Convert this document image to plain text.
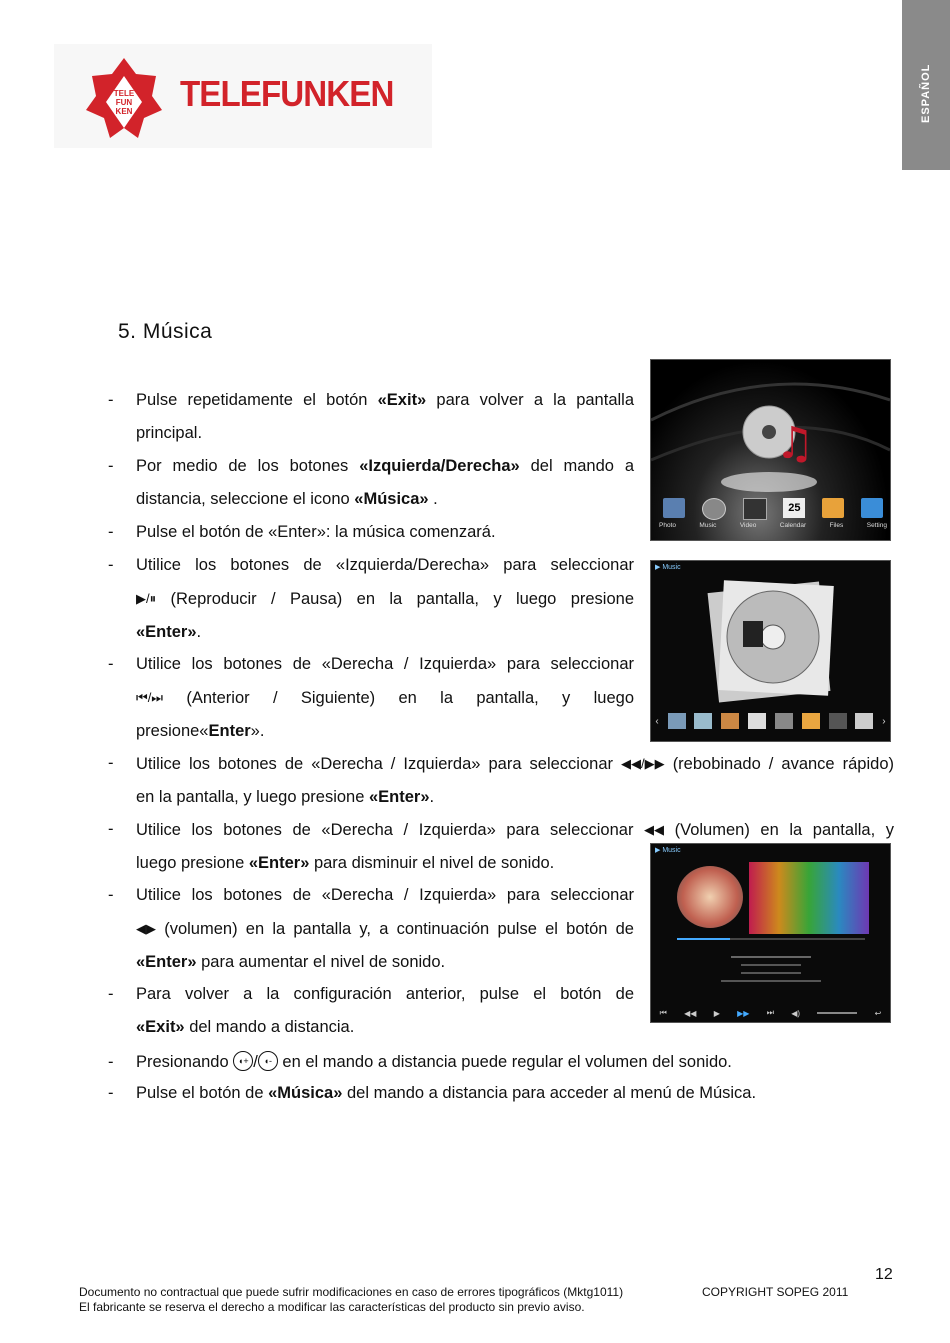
ESPAÑOL
TELE
FUN
KEN TELEFUNKEN
5. Música
- Pulse repetidamente el botón «Exit» para volver a la pantalla
principal.
- Por medio de los botones «Izquierda/Derecha» del mando a
distancia, seleccione el icono «Música» .
- Pulse el botón de «Enter»: la música comenzará.
- Utilice los botones de «Izquierda/Derecha» para seleccionar
▶/⏸ (Reproducir / Pausa) en la pantalla, y luego presione
«Enter».
- Utilice los botones de «Derecha / Izquierda» para seleccionar
⏮/⏭ (Anterior / Siguiente) en la pantalla, y luego
presione«Enter».
- Utilice los botones de «Derecha / Izquierda» para seleccionar ◀◀/▶▶ (rebobinado / avance rápido)
en la pantalla, y luego presione «Enter».
- Utilice los botones de «Derecha / Izquierda» para seleccionar ◀◀ (Volumen) en la pantalla, y
luego presione «Enter» para disminuir el nivel de sonido.
- Utilice los botones de «Derecha / Izquierda» para seleccionar
◀▶ (volumen) en la pantalla y, a continuación pulse el botón de
«Enter» para aumentar el nivel de sonido.
- Para volver a la configuración anterior, pulse el botón de
«Exit» del mando a distancia.
- Presionando ◖+ / ◖- en el mando a distancia puede regular el volumen del sonido.
- Pulse el botón de «Música» del mando a distancia para acceder al menú de Música.
♫
25
Photo	Music	Video	Calendar	Files	Setting
▶ Music
‹	›
▶ Music
⏮ ◀◀ ▶ ▶▶ ⏭ ◀)	↩
12
Documento no contractual que puede sufrir modificaciones en caso de errores tipográficos (Mktg1011)	COPYRIGHT SOPEG 2011
El fabricante se reserva el derecho a modificar las características del producto sin previo aviso.
